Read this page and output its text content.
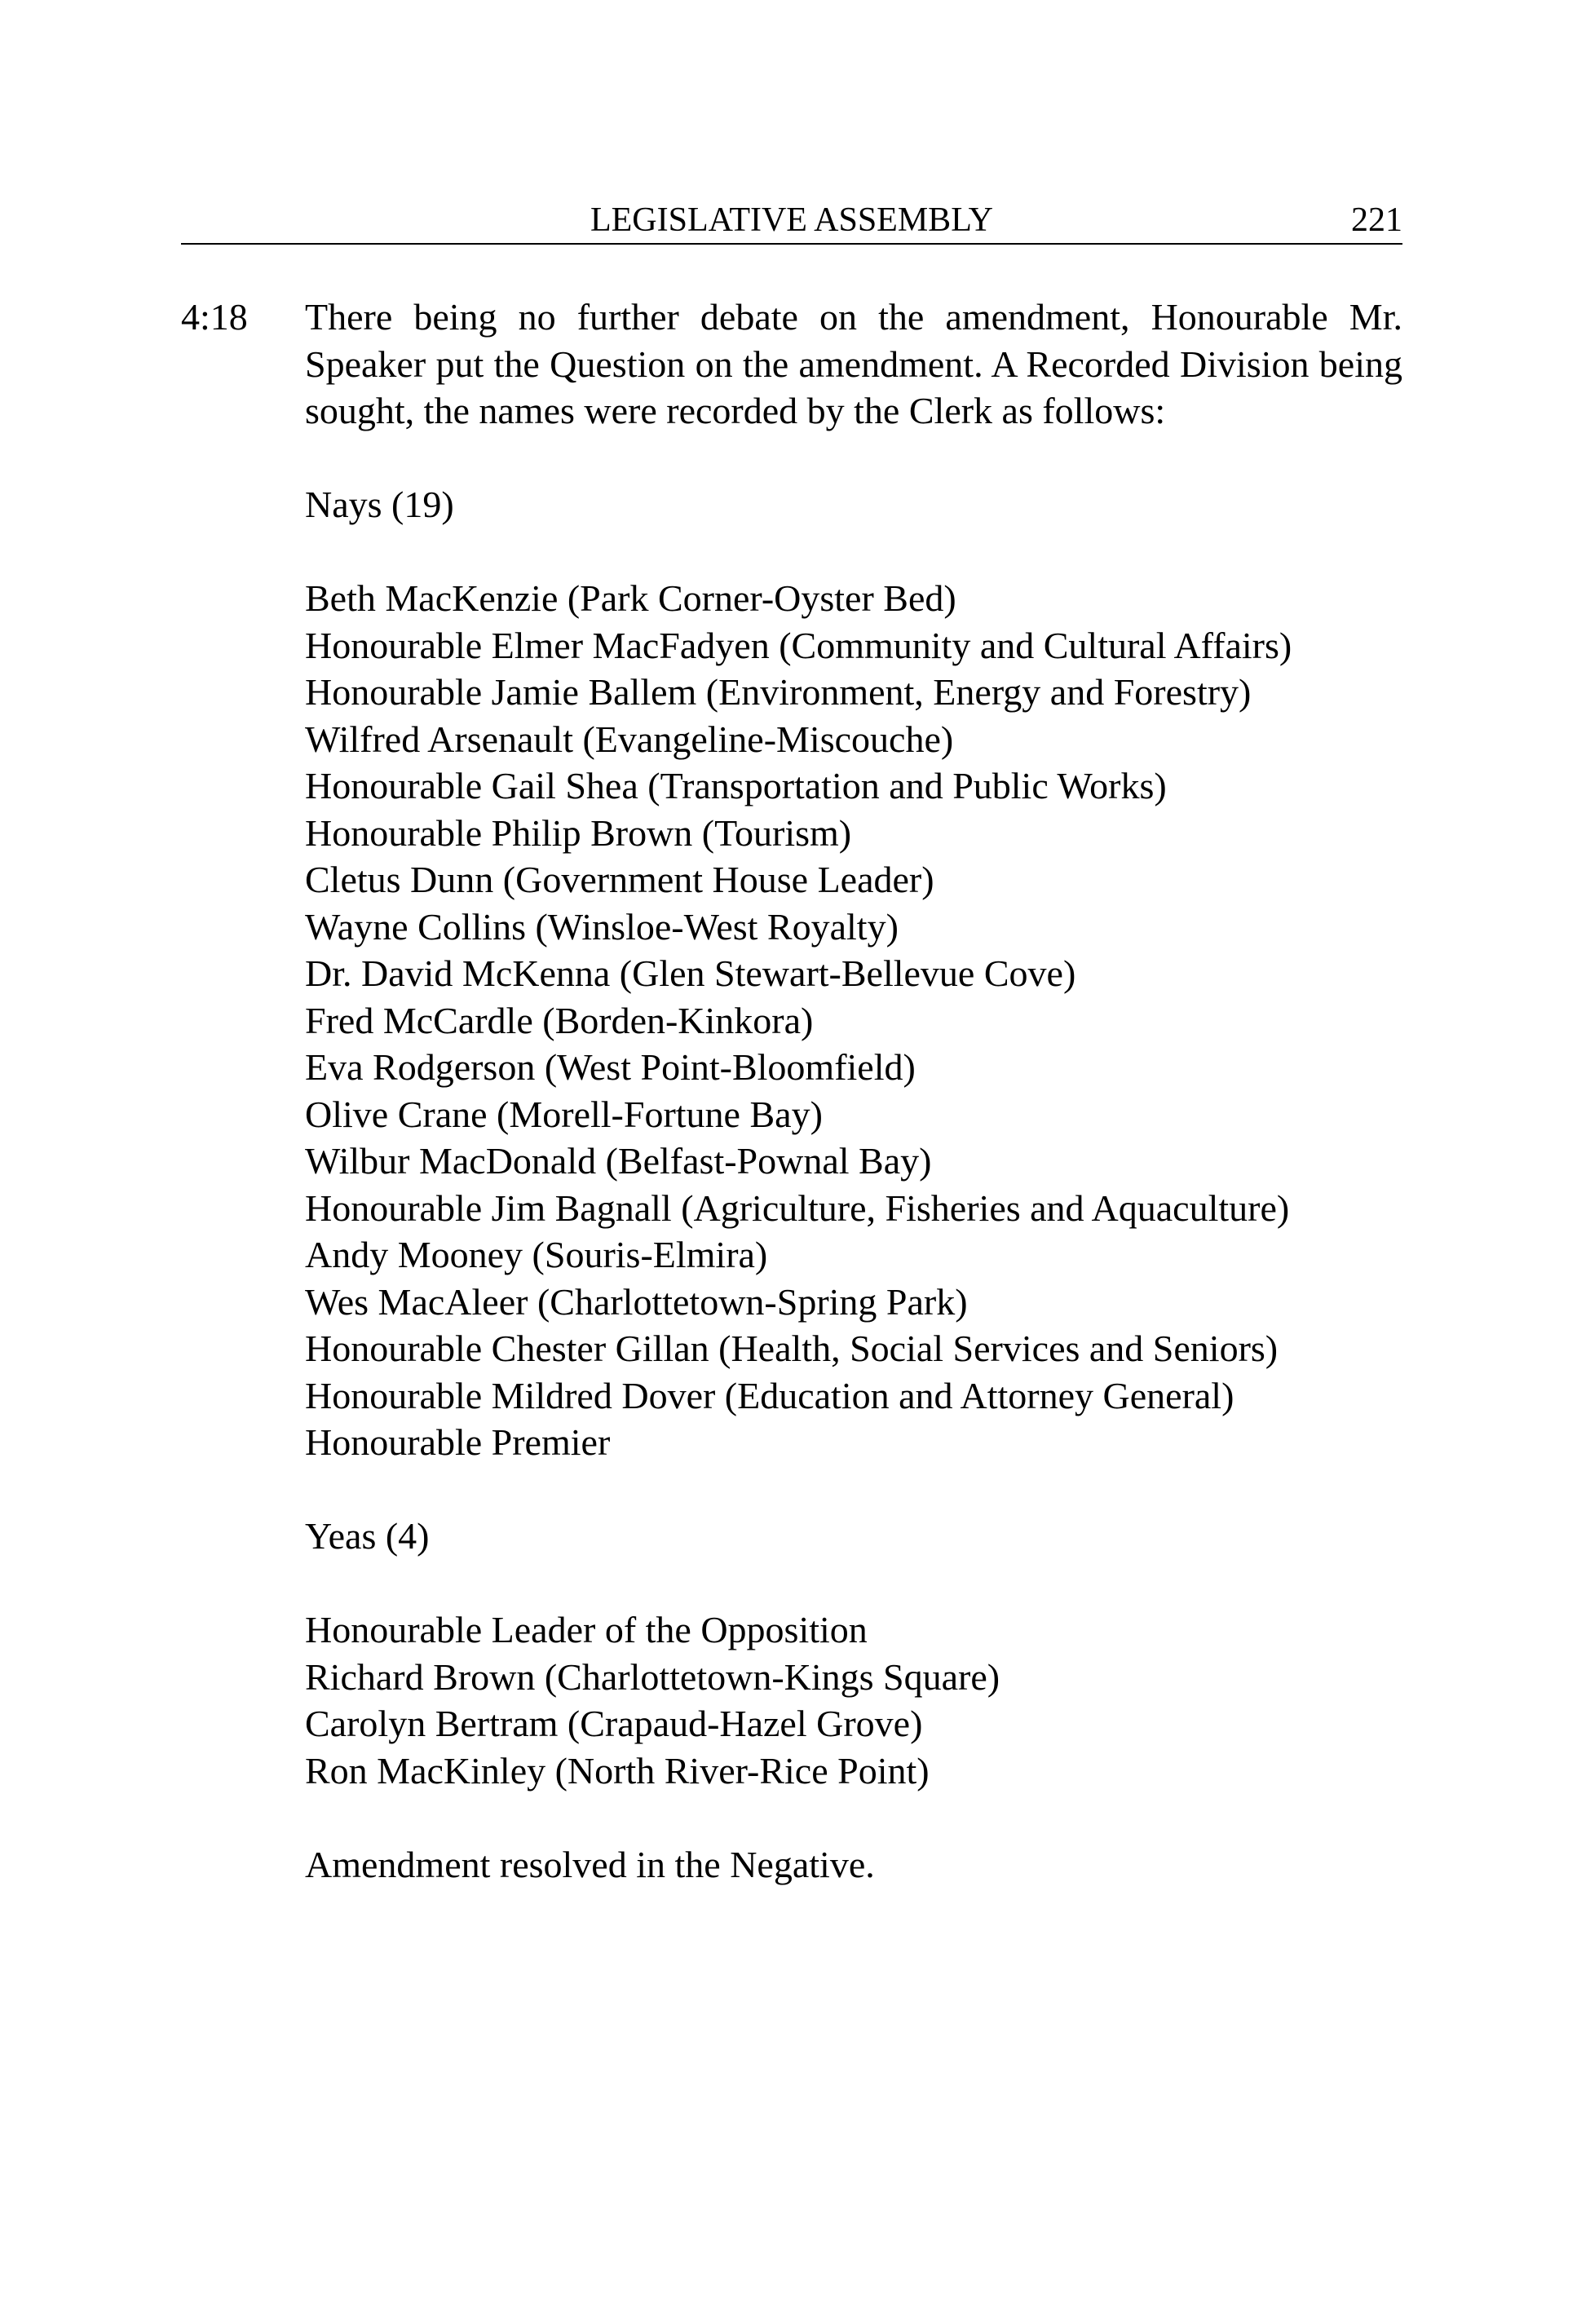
LEGISLATIVE ASSEMBLY	221
4:18 There being no further debate on the amendment, Honourable Mr. Speaker put the Question on the amendment. A Recorded Division being sought, the names were recorded by the Clerk as follows:

Nays (19)

Beth MacKenzie (Park Corner-Oyster Bed)
Honourable Elmer MacFadyen (Community and Cultural Affairs)
Honourable Jamie Ballem (Environment, Energy and Forestry)
Wilfred Arsenault (Evangeline-Miscouche)
Honourable Gail Shea (Transportation and Public Works)
Honourable Philip Brown (Tourism)
Cletus Dunn (Government House Leader)
Wayne Collins (Winsloe-West Royalty)
Dr. David McKenna (Glen Stewart-Bellevue Cove)
Fred McCardle (Borden-Kinkora)
Eva Rodgerson (West Point-Bloomfield)
Olive Crane (Morell-Fortune Bay)
Wilbur MacDonald (Belfast-Pownal Bay)
Honourable Jim Bagnall (Agriculture, Fisheries and Aquaculture)
Andy Mooney (Souris-Elmira)
Wes MacAleer (Charlottetown-Spring Park)
Honourable Chester Gillan (Health, Social Services and Seniors)
Honourable Mildred Dover (Education and Attorney General)
Honourable Premier

Yeas (4)

Honourable Leader of the Opposition
Richard Brown (Charlottetown-Kings Square)
Carolyn Bertram (Crapaud-Hazel Grove)
Ron MacKinley (North River-Rice Point)

Amendment resolved in the Negative.
